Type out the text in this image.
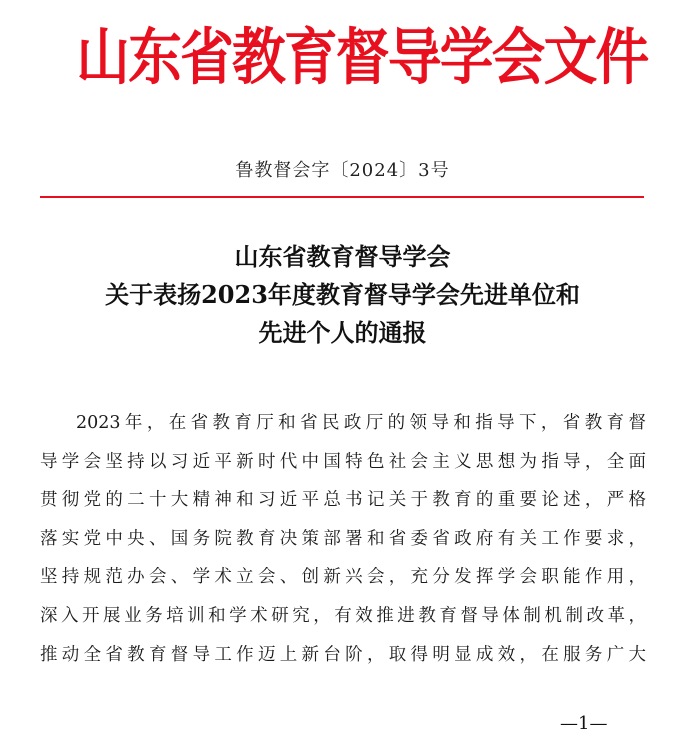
山东省教育督导学会文件
鲁教督会字〔2024〕3号
山东省教育督导学会
关于表扬2023年度教育督导学会先进单位和
先进个人的通报
2023年，在省教育厅和省民政厅的领导和指导下，省教育督
导学会坚持以习近平新时代中国特色社会主义思想为指导，全面
贯彻党的二十大精神和习近平总书记关于教育的重要论述，严格
落实党中央、国务院教育决策部署和省委省政府有关工作要求，
坚持规范办会、学术立会、创新兴会，充分发挥学会职能作用，
深入开展业务培训和学术研究，有效推进教育督导体制机制改革，
推动全省教育督导工作迈上新台阶，取得明显成效，在服务广大
—1—
